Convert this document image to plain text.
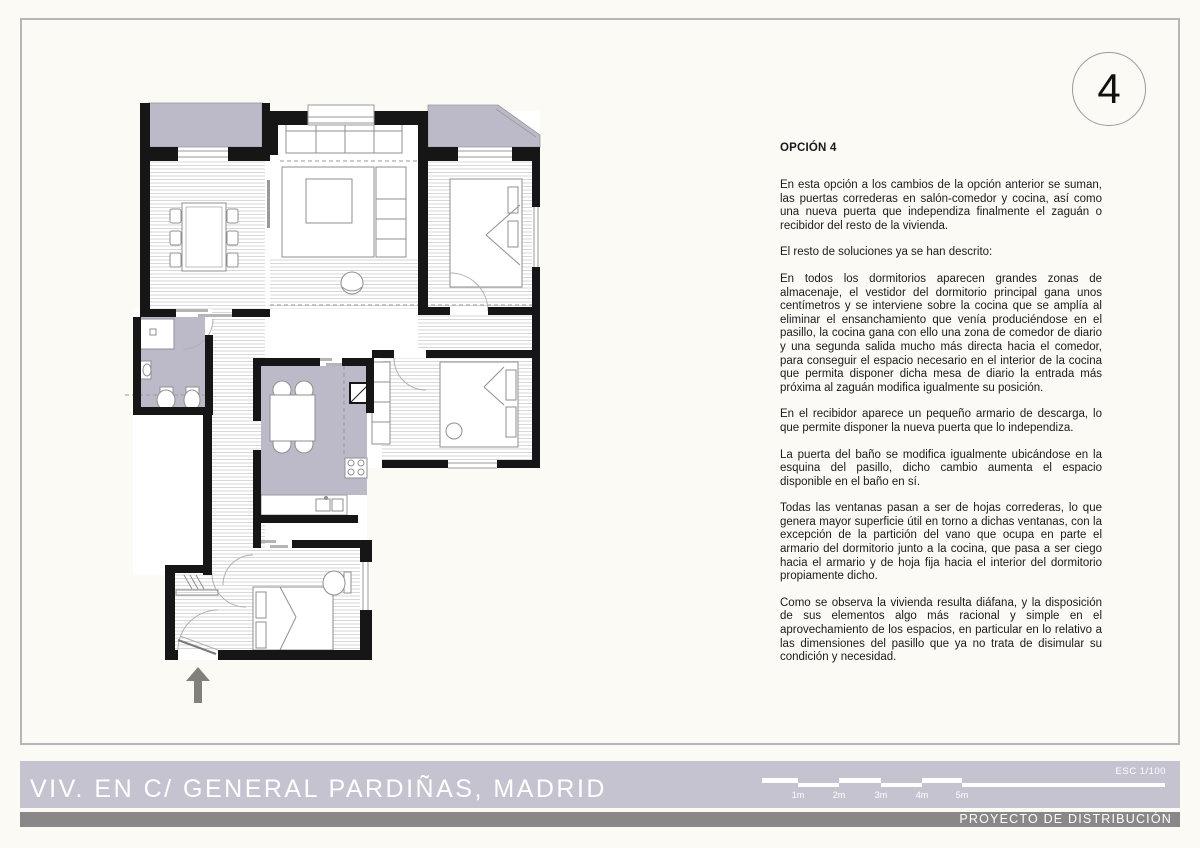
4
OPCIÓN 4

En esta opción a los cambios de la opción anterior se suman, las puertas correderas en salón-comedor y cocina, así como una nueva puerta que independiza finalmente el zaguán o recibidor del resto de la vivienda.

El resto de soluciones ya se han descrito:

En todos los dormitorios aparecen grandes zonas de almacenaje, el vestidor del dormitorio principal gana unos centímetros y se interviene sobre la cocina que se amplía al eliminar el ensanchamiento que venía produciéndose en el pasillo, la cocina gana con ello una zona de comedor de diario y una segunda salida mucho más directa hacia el comedor, para conseguir el espacio necesario en el interior de la cocina que permita disponer dicha mesa de diario la entrada más próxima al zaguán modifica igualmente su posición.

En el recibidor aparece un pequeño armario de descarga, lo que permite disponer la nueva puerta que lo independiza.

La puerta del baño se modifica igualmente ubicándose en la esquina del pasillo, dicho cambio aumenta el espacio disponible en el baño en sí.

Todas las ventanas pasan a ser de hojas correderas, lo que genera mayor superficie útil en torno a dichas ventanas, con la excepción de la partición del vano que ocupa en parte el armario del dormitorio junto a la cocina, que pasa a ser ciego hacia el armario y de hoja fija hacia el interior del dormitorio propiamente dicho.

Como se observa la vivienda resulta diáfana, y la disposición de sus elementos algo más racional y simple en el aprovechamiento de los espacios, en particular en lo relativo a las dimensiones del pasillo que ya no trata de disimular su condición y necesidad.

VIV. EN C/ GENERAL PARDIÑAS, MADRID
ESC 1/100
1m	2m	3m	4m	5m
PROYECTO DE DISTRIBUCIÓN
